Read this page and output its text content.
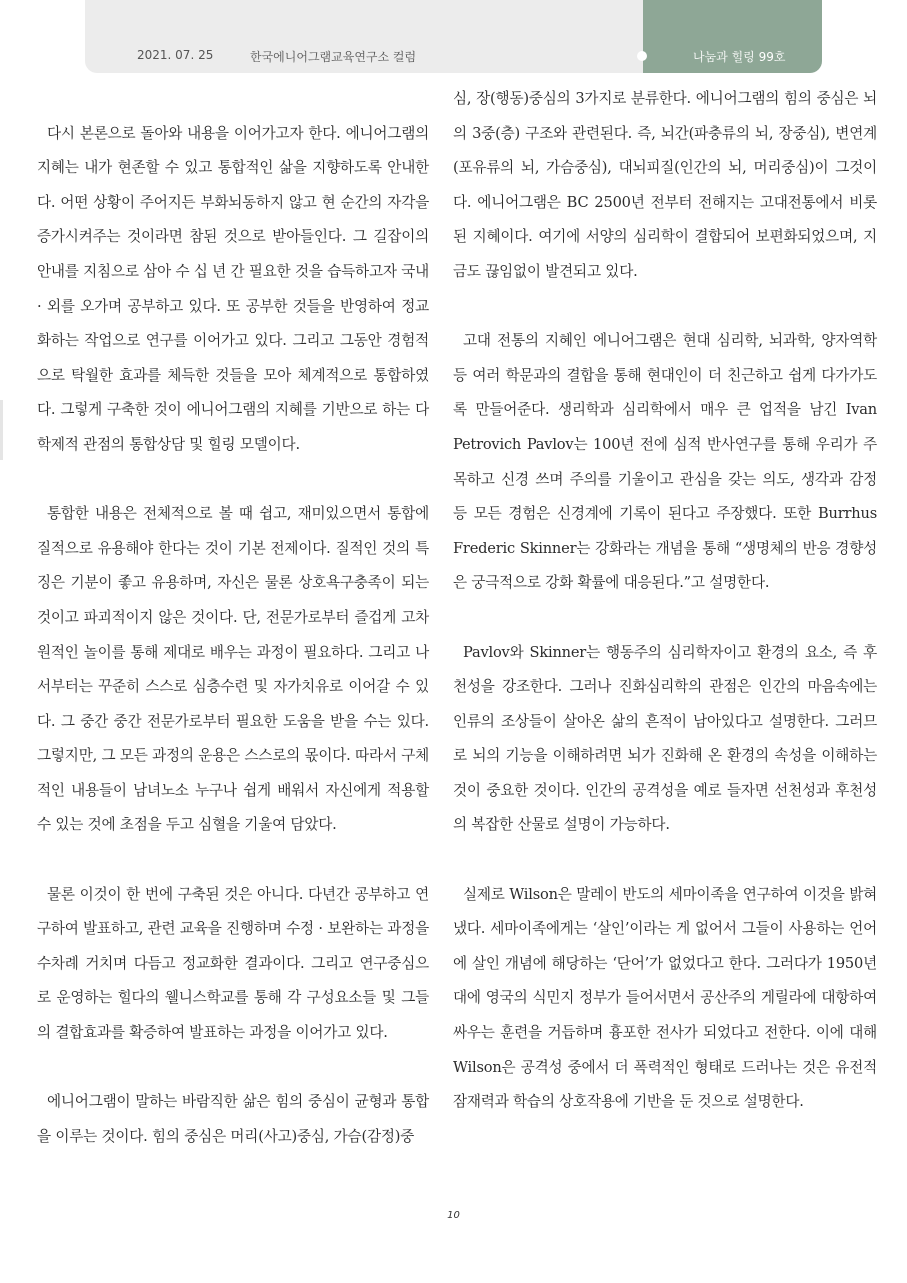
2021. 07. 25	한국에니어그램교육연구소 컬럼	나눔과 힐링 99호

다시 본론으로 돌아와 내용을 이어가고자 한다. 에니어그램의 지혜는 내가 현존할 수 있고 통합적인 삶을 지향하도록 안내한다. 어떤 상황이 주어지든 부화뇌동하지 않고 현 순간의 자각을 증가시켜주는 것이라면 참된 것으로 받아들인다. 그 길잡이의 안내를 지침으로 삼아 수 십 년 간 필요한 것을 습득하고자 국내 · 외를 오가며 공부하고 있다. 또 공부한 것들을 반영하여 정교화하는 작업으로 연구를 이어가고 있다. 그리고 그동안 경험적으로 탁월한 효과를 체득한 것들을 모아 체계적으로 통합하였다. 그렇게 구축한 것이 에니어그램의 지혜를 기반으로 하는 다학제적 관점의 통합상담 및 힐링 모델이다.

통합한 내용은 전체적으로 볼 때 쉽고, 재미있으면서 통합에 질적으로 유용해야 한다는 것이 기본 전제이다. 질적인 것의 특징은 기분이 좋고 유용하며, 자신은 물론 상호욕구충족이 되는 것이고 파괴적이지 않은 것이다. 단, 전문가로부터 즐겁게 고차원적인 놀이를 통해 제대로 배우는 과정이 필요하다. 그리고 나서부터는 꾸준히 스스로 심층수련 및 자가치유로 이어갈 수 있다. 그 중간 중간 전문가로부터 필요한 도움을 받을 수는 있다. 그렇지만, 그 모든 과정의 운용은 스스로의 몫이다. 따라서 구체적인 내용들이 남녀노소 누구나 쉽게 배워서 자신에게 적용할 수 있는 것에 초점을 두고 심혈을 기울여 담았다.

물론 이것이 한 번에 구축된 것은 아니다. 다년간 공부하고 연구하여 발표하고, 관련 교육을 진행하며 수정 · 보완하는 과정을 수차례 거치며 다듬고 정교화한 결과이다. 그리고 연구중심으로 운영하는 힐다의 웰니스학교를 통해 각 구성요소들 및 그들의 결합효과를 확증하여 발표하는 과정을 이어가고 있다.

에니어그램이 말하는 바람직한 삶은 힘의 중심이 균형과 통합을 이루는 것이다. 힘의 중심은 머리(사고)중심, 가슴(감정)중

심, 장(행동)중심의 3가지로 분류한다. 에니어그램의 힘의 중심은 뇌의 3중(층) 구조와 관련된다. 즉, 뇌간(파충류의 뇌, 장중심), 변연계(포유류의 뇌, 가슴중심), 대뇌피질(인간의 뇌, 머리중심)이 그것이다. 에니어그램은 BC 2500년 전부터 전해지는 고대전통에서 비롯된 지혜이다. 여기에 서양의 심리학이 결합되어 보편화되었으며, 지금도 끊임없이 발견되고 있다.

고대 전통의 지혜인 에니어그램은 현대 심리학, 뇌과학, 양자역학 등 여러 학문과의 결합을 통해 현대인이 더 친근하고 쉽게 다가가도록 만들어준다. 생리학과 심리학에서 매우 큰 업적을 남긴 Ivan Petrovich Pavlov는 100년 전에 심적 반사연구를 통해 우리가 주목하고 신경 쓰며 주의를 기울이고 관심을 갖는 의도, 생각과 감정 등 모든 경험은 신경계에 기록이 된다고 주장했다. 또한 Burrhus Frederic Skinner는 강화라는 개념을 통해 “생명체의 반응 경향성은 궁극적으로 강화 확률에 대응된다.”고 설명한다.

Pavlov와 Skinner는 행동주의 심리학자이고 환경의 요소, 즉 후천성을 강조한다. 그러나 진화심리학의 관점은 인간의 마음속에는 인류의 조상들이 살아온 삶의 흔적이 남아있다고 설명한다. 그러므로 뇌의 기능을 이해하려면 뇌가 진화해 온 환경의 속성을 이해하는 것이 중요한 것이다. 인간의 공격성을 예로 들자면 선천성과 후천성의 복잡한 산물로 설명이 가능하다.

실제로 Wilson은 말레이 반도의 세마이족을 연구하여 이것을 밝혀냈다. 세마이족에게는 ‘살인’이라는 게 없어서 그들이 사용하는 언어에 살인 개념에 해당하는 ‘단어’가 없었다고 한다. 그러다가 1950년대에 영국의 식민지 정부가 들어서면서 공산주의 게릴라에 대항하여 싸우는 훈련을 거듭하며 흉포한 전사가 되었다고 전한다. 이에 대해 Wilson은 공격성 중에서 더 폭력적인 형태로 드러나는 것은 유전적 잠재력과 학습의 상호작용에 기반을 둔 것으로 설명한다.

10
